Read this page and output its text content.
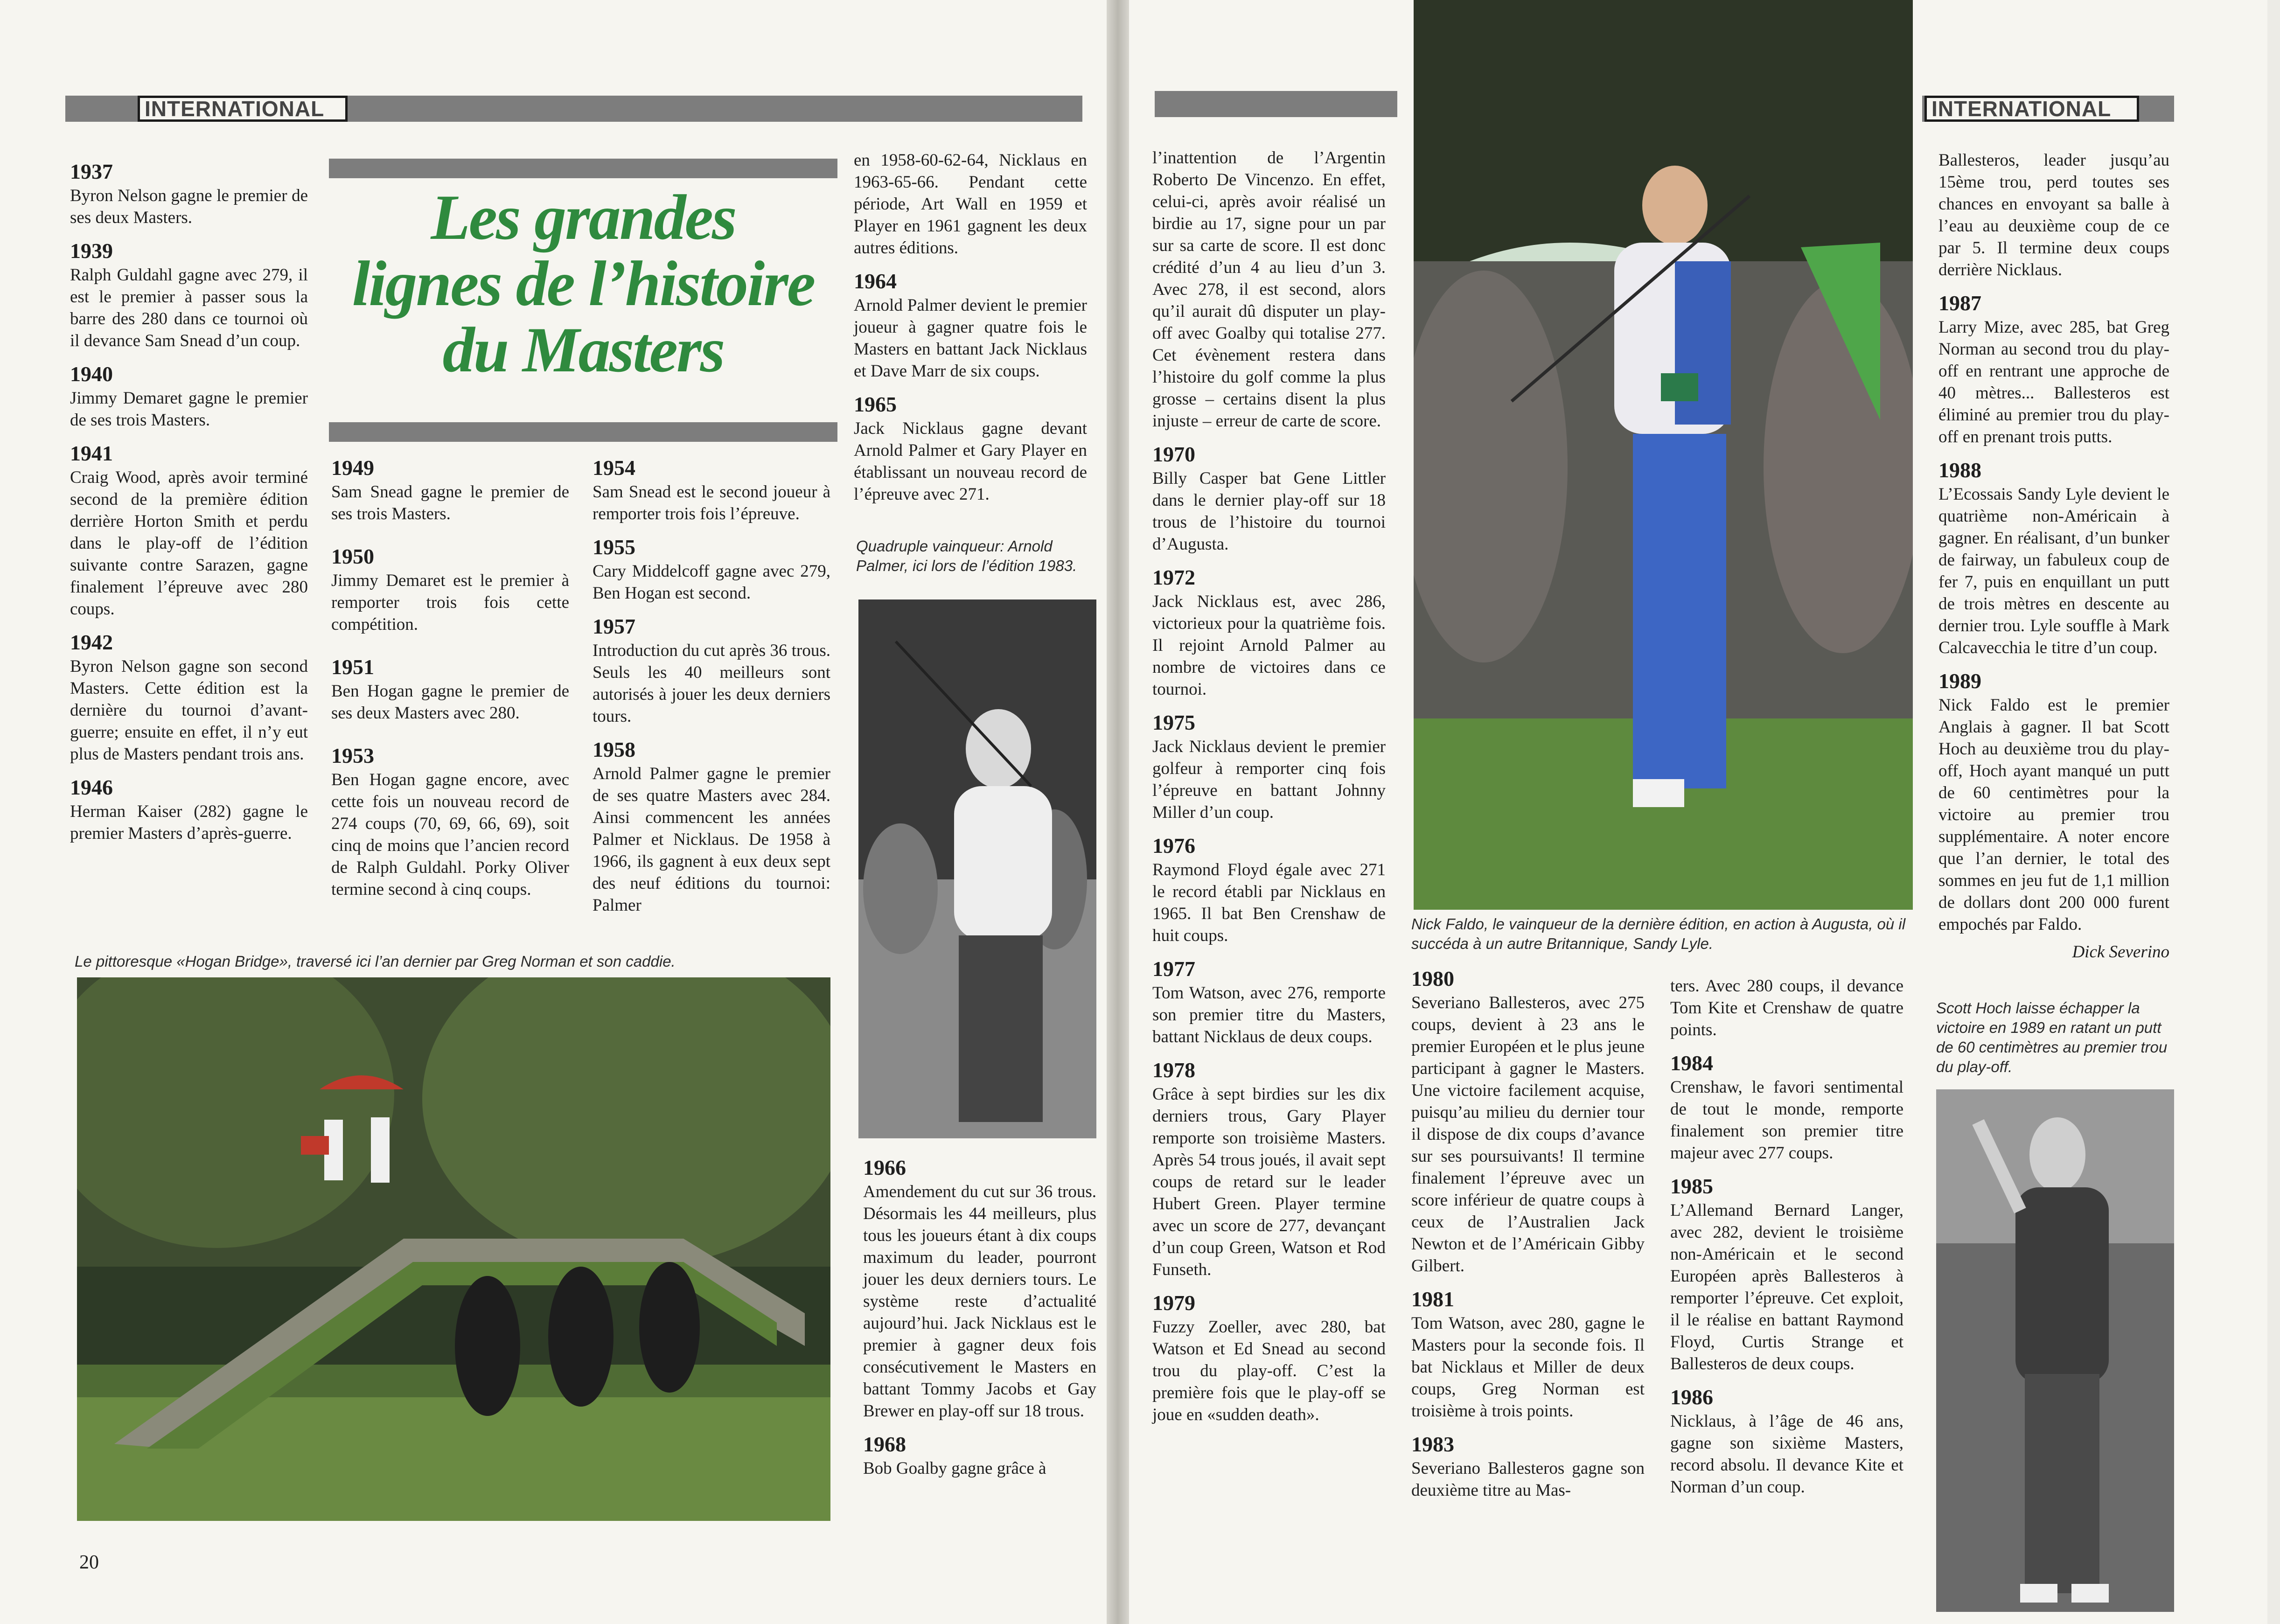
INTERNATIONAL
1937

Byron Nelson gagne le premier de ses deux Masters.

1939

Ralph Guldahl gagne avec 279, il est le premier à passer sous la barre des 280 dans ce tournoi où il devance Sam Snead d’un coup.

1940

Jimmy Demaret gagne le premier de ses trois Masters.

1941

Craig Wood, après avoir terminé second de la première édition derrière Horton Smith et perdu dans le play-off de l’édition suivante contre Sarazen, gagne finalement l’épreuve avec 280 coups.

1942

Byron Nelson gagne son second Masters. Cette édition est la dernière du tournoi d’avant-guerre; ensuite en effet, il n’y eut plus de Masters pendant trois ans.

1946

Herman Kaiser (282) gagne le premier Masters d’après-guerre.

Les grandes
lignes de l’histoire
du Masters
1949

Sam Snead gagne le premier de ses trois Masters.

1950

Jimmy Demaret est le premier à remporter trois fois cette compétition.

1951

Ben Hogan gagne le premier de ses deux Masters avec 280.

1953

Ben Hogan gagne encore, avec cette fois un nouveau record de 274 coups (70, 69, 66, 69), soit cinq de moins que l’ancien record de Ralph Guldahl. Porky Oliver termine second à cinq coups.

1954

Sam Snead est le second joueur à remporter trois fois l’épreuve.

1955

Cary Middelcoff gagne avec 279, Ben Hogan est second.

1957

Introduction du cut après 36 trous. Seuls les 40 meilleurs sont autorisés à jouer les deux derniers tours.

1958

Arnold Palmer gagne le premier de ses quatre Masters avec 284. Ainsi commencent les années Palmer et Nicklaus. De 1958 à 1966, ils gagnent à eux deux sept des neuf éditions du tournoi: Palmer

en 1958-60-62-64, Nicklaus en 1963-65-66. Pendant cette période, Art Wall en 1959 et Player en 1961 gagnent les deux autres éditions.

1964

Arnold Palmer devient le premier joueur à gagner quatre fois le Masters en battant Jack Nicklaus et Dave Marr de six coups.

1965

Jack Nicklaus gagne devant Arnold Palmer et Gary Player en établissant un nouveau record de l’épreuve avec 271.

Quadruple vainqueur: Arnold Palmer, ici lors de l’édition 1983.
Le pittoresque «Hogan Bridge», traversé ici l’an dernier par Greg Norman et son caddie.
1966

Amendement du cut sur 36 trous. Désormais les 44 meilleurs, plus tous les joueurs étant à dix coups maximum du leader, pourront jouer les deux derniers tours. Le système reste d’actualité aujourd’hui. Jack Nicklaus est le premier à gagner deux fois consécutivement le Masters en battant Tommy Jacobs et Gay Brewer en play-off sur 18 trous.

1968

Bob Goalby gagne grâce à

20
INTERNATIONAL

l’inattention de l’Argentin Roberto De Vincenzo. En effet, celui-ci, après avoir réalisé un birdie au 17, signe pour un par sur sa carte de score. Il est donc crédité d’un 4 au lieu d’un 3. Avec 278, il est second, alors qu’il aurait dû disputer un play-off avec Goalby qui totalise 277. Cet évènement restera dans l’histoire du golf comme la plus grosse – certains disent la plus injuste – erreur de carte de score.

1970

Billy Casper bat Gene Littler dans le dernier play-off sur 18 trous de l’histoire du tournoi d’Augusta.

1972

Jack Nicklaus est, avec 286, victorieux pour la quatrième fois. Il rejoint Arnold Palmer au nombre de victoires dans ce tournoi.

1975

Jack Nicklaus devient le premier golfeur à remporter cinq fois l’épreuve en battant Johnny Miller d’un coup.

1976

Raymond Floyd égale avec 271 le record établi par Nicklaus en 1965. Il bat Ben Crenshaw de huit coups.

1977

Tom Watson, avec 276, remporte son premier titre du Masters, battant Nicklaus de deux coups.

1978

Grâce à sept birdies sur les dix derniers trous, Gary Player remporte son troisième Masters. Après 54 trous joués, il avait sept coups de retard sur le leader Hubert Green. Player termine avec un score de 277, devançant d’un coup Green, Watson et Rod Funseth.

1979

Fuzzy Zoeller, avec 280, bat Watson et Ed Snead au second trou du play-off. C’est la première fois que le play-off se joue en «sudden death».

Nick Faldo, le vainqueur de la dernière édition, en action à Augusta, où il succéda à un autre Britannique, Sandy Lyle.
1980

Severiano Ballesteros, avec 275 coups, devient à 23 ans le premier Européen et le plus jeune participant à gagner le Masters. Une victoire facilement acquise, puisqu’au milieu du dernier tour il dispose de dix coups d’avance sur ses poursuivants! Il termine finalement l’épreuve avec un score inférieur de quatre coups à ceux de l’Australien Jack Newton et de l’Américain Gibby Gilbert.

1981

Tom Watson, avec 280, gagne le Masters pour la seconde fois. Il bat Nicklaus et Miller de deux coups, Greg Norman est troisième à trois points.

1983

Severiano Ballesteros gagne son deuxième titre au Mas-

ters. Avec 280 coups, il devance Tom Kite et Crenshaw de quatre points.

1984

Crenshaw, le favori sentimental de tout le monde, remporte finalement son premier titre majeur avec 277 coups.

1985

L’Allemand Bernard Langer, avec 282, devient le troisième non-Américain et le second Européen après Ballesteros à remporter l’épreuve. Cet exploit, il le réalise en battant Raymond Floyd, Curtis Strange et Ballesteros de deux coups.

1986

Nicklaus, à l’âge de 46 ans, gagne son sixième Masters, record absolu. Il devance Kite et Norman d’un coup.

Ballesteros, leader jusqu’au 15ème trou, perd toutes ses chances en envoyant sa balle à l’eau au deuxième coup de ce par 5. Il termine deux coups derrière Nicklaus.

1987

Larry Mize, avec 285, bat Greg Norman au second trou du play-off en rentrant une approche de 40 mètres... Ballesteros est éliminé au premier trou du play-off en prenant trois putts.

1988

L’Ecossais Sandy Lyle devient le quatrième non-Américain à gagner. En réalisant, d’un bunker de fairway, un fabuleux coup de fer 7, puis en enquillant un putt de trois mètres en descente au dernier trou. Lyle souffle à Mark Calcavecchia le titre d’un coup.

1989

Nick Faldo est le premier Anglais à gagner. Il bat Scott Hoch au deuxième trou du play-off, Hoch ayant manqué un putt de 60 centimètres pour la victoire au premier trou supplémentaire. A noter encore que l’an dernier, le total des sommes en jeu fut de 1,1 million de dollars dont 200 000 furent empochés par Faldo.

Dick Severino

Scott Hoch laisse échapper la victoire en 1989 en ratant un putt de 60 centimètres au premier trou du play-off.
